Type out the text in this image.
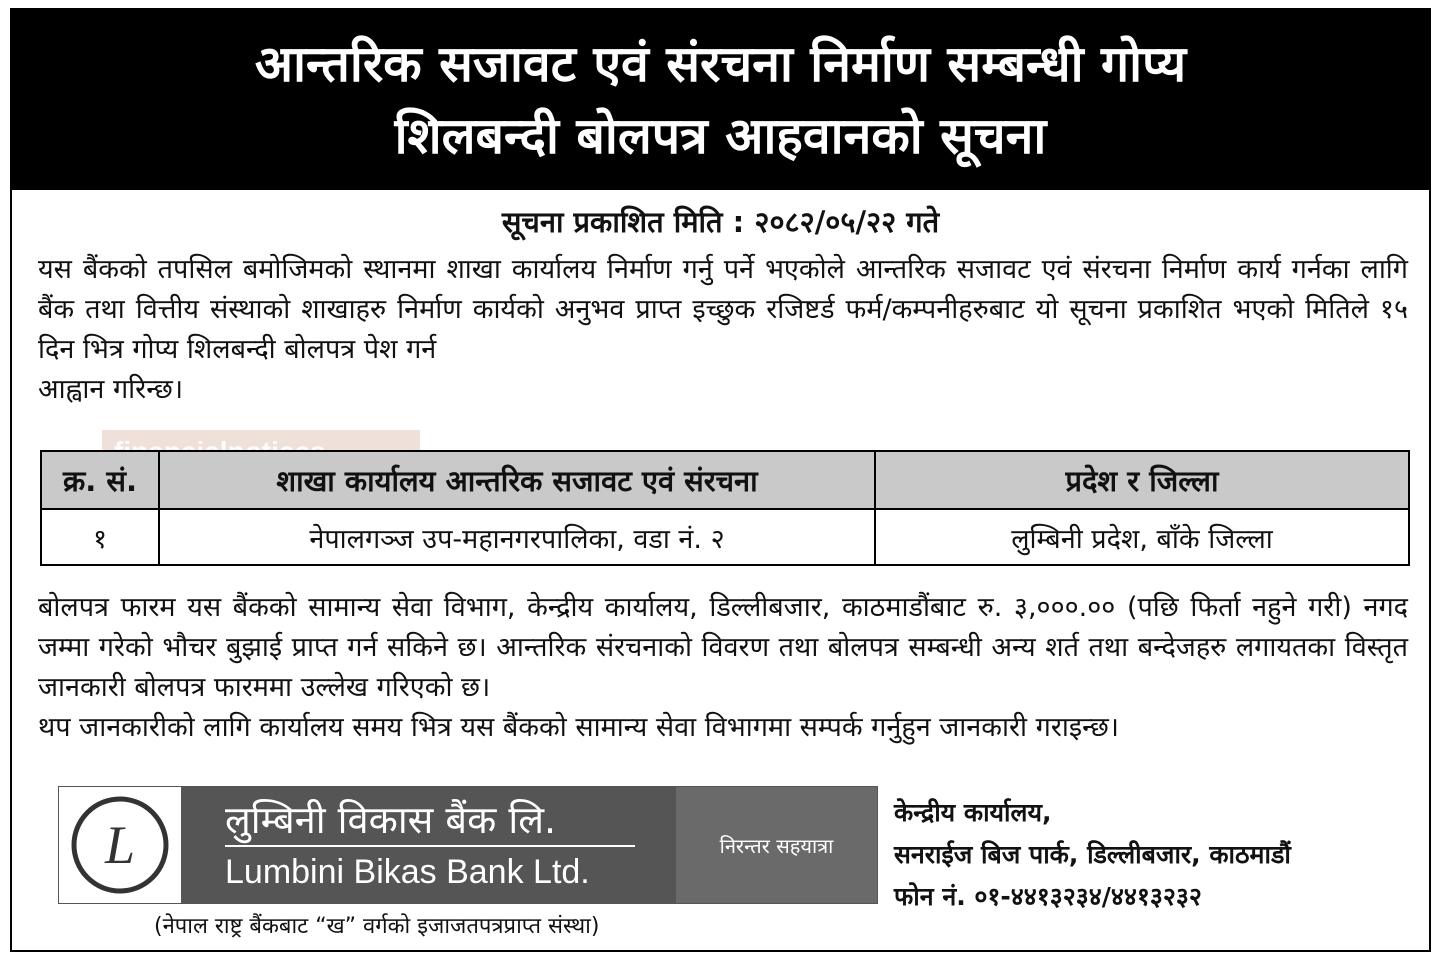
आन्तरिक सजावट एवं संरचना निर्माण सम्बन्धी गोप्य
शिलबन्दी बोलपत्र आहवानको सूचना
सूचना प्रकाशित मिति : २०८२/०५/२२ गते

यस बैंकको तपसिल बमोजिमको स्थानमा शाखा कार्यालय निर्माण गर्नु पर्ने भएकोले आन्तरिक सजावट एवं संरचना निर्माण कार्य गर्नका लागि बैंक तथा वित्तीय संस्थाको शाखाहरु निर्माण कार्यको अनुभव प्राप्त इच्छुक रजिष्टर्ड फर्म/कम्पनीहरुबाट यो सूचना प्रकाशित भएको मितिले १५ दिन भित्र गोप्य शिलबन्दी बोलपत्र पेश गर्न
आह्वान गरिन्छ।

क्र. सं.	शाखा कार्यालय आन्तरिक सजावट एवं संरचना	प्रदेश र जिल्ला
१	नेपालगञ्ज उप-महानगरपालिका, वडा नं. २	लुम्बिनी प्रदेश, बाँके जिल्ला

बोलपत्र फारम यस बैंकको सामान्य सेवा विभाग, केन्द्रीय कार्यालय, डिल्लीबजार, काठमाडौंबाट रु. ३,०००.०० (पछि फिर्ता नहुने गरी) नगद जम्मा गरेको भौचर बुझाई प्राप्त गर्न सकिने छ। आन्तरिक संरचनाको विवरण तथा बोलपत्र सम्बन्धी अन्य शर्त तथा बन्देजहरु लगायतका विस्तृत जानकारी बोलपत्र फारममा उल्लेख गरिएको छ।
थप जानकारीको लागि कार्यालय समय भित्र यस बैंकको सामान्य सेवा विभागमा सम्पर्क गर्नुहुन जानकारी गराइन्छ।

L लुम्बिनी विकास बैंक लि.
Lumbini Bikas Bank Ltd.
निरन्तर सहयात्रा
(नेपाल राष्ट्र बैंकबाट “ख” वर्गको इजाजतपत्रप्राप्त संस्था)
केन्द्रीय कार्यालय,
सनराईज बिज पार्क, डिल्लीबजार, काठमाडौं
फोन नं. ०१-४४१३२३४/४४१३२३२
